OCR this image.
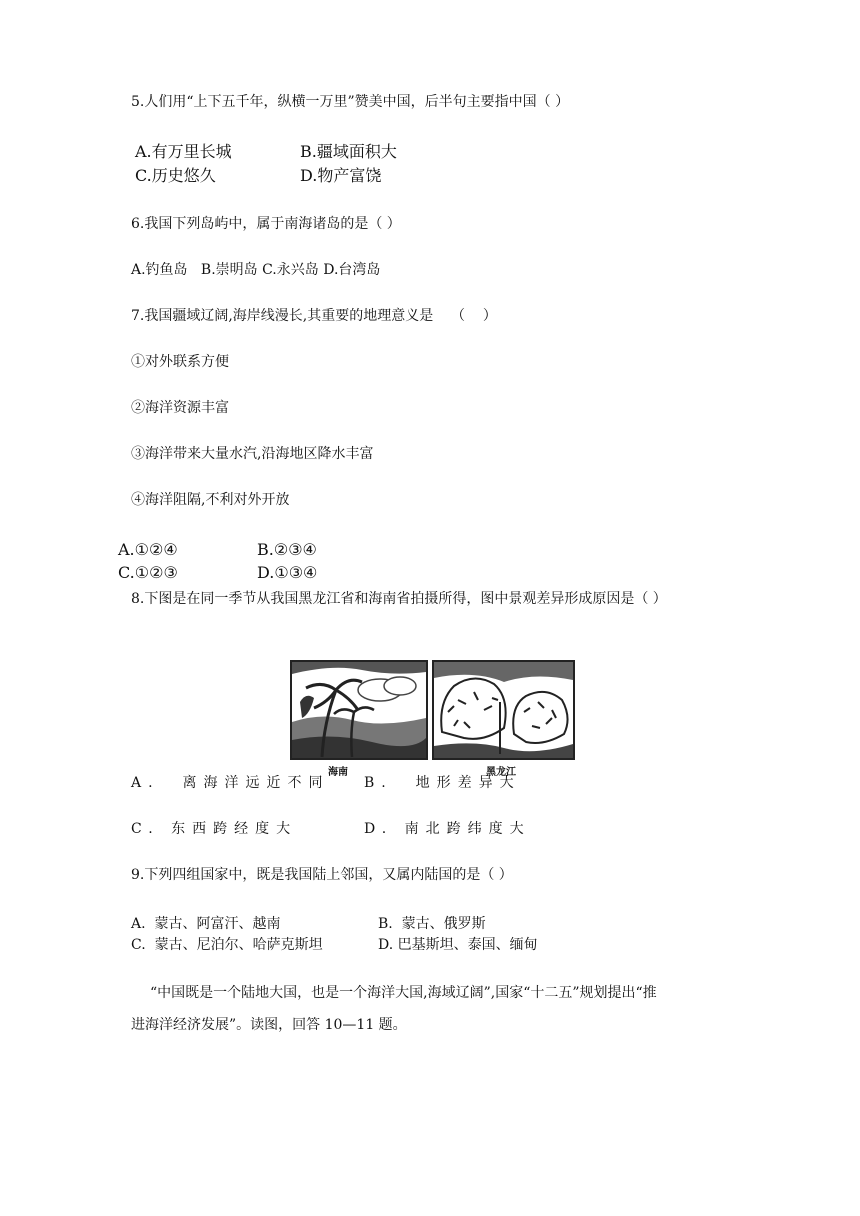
5.人们用“上下五千年，纵横一万里”赞美中国，后半句主要指中国（ ）
A.有万里长城	B.疆域面积大
C.历史悠久	D.物产富饶
6.我国下列岛屿中，属于南海诸岛的是（ ）
A.钓鱼岛   B.崇明岛 C.永兴岛 D.台湾岛
7.我国疆域辽阔,海岸线漫长,其重要的地理意义是    （    ）
①对外联系方便
②海洋资源丰富
③海洋带来大量水汽,沿海地区降水丰富
④海洋阻隔,不利对外开放
A.①②④	B.②③④
C.①②③	D.①③④
8.下图是在同一季节从我国黑龙江省和海南省拍摄所得，图中景观差异形成原因是（ ）
海南	黑龙江
A.  离海洋远近不同 B.  地形差异大
C. 东西跨经度大	D. 南北跨纬度大
9.下列四组国家中，既是我国陆上邻国，又属内陆国的是（ ）
A.  蒙古、阿富汗、越南	B.  蒙古、俄罗斯
C.  蒙古、尼泊尔、哈萨克斯坦	D. 巴基斯坦、泰国、缅甸
“中国既是一个陆地大国，也是一个海洋大国,海域辽阔”,国家“十二五”规划提出“推
进海洋经济发展”。读图，回答 10—11 题。
